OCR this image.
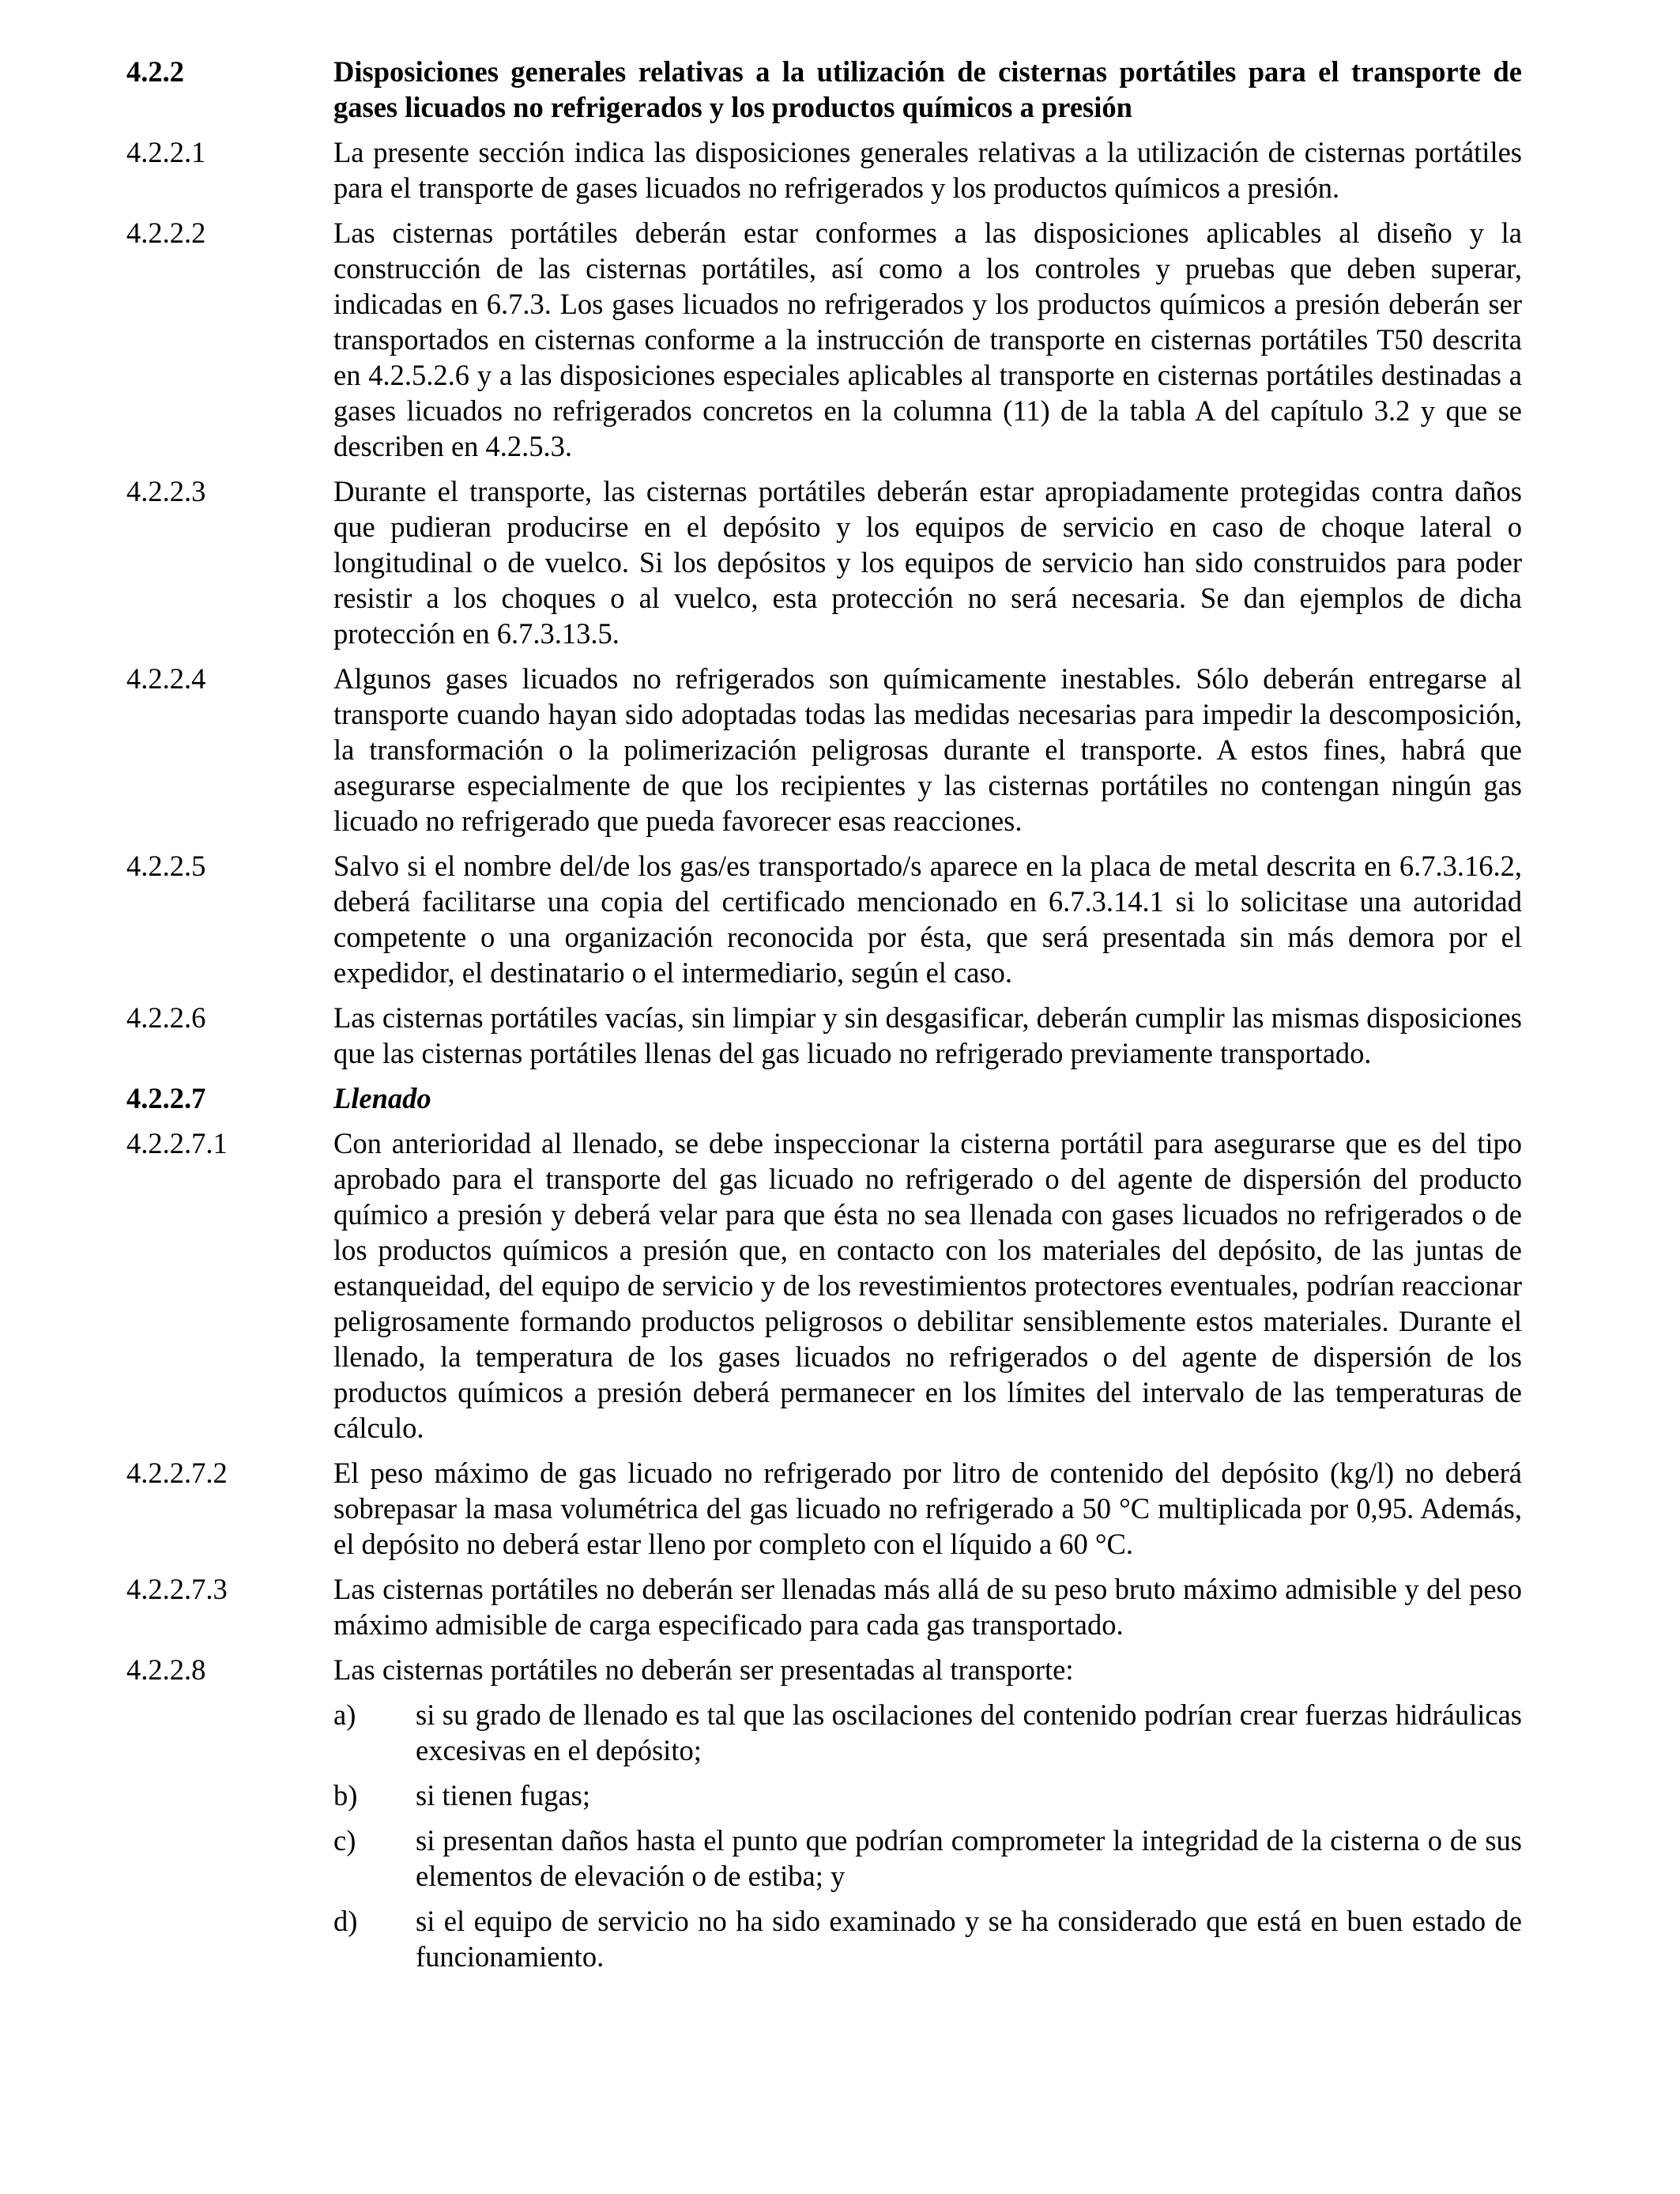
4.2.2	Disposiciones generales relativas a la utilización de cisternas portátiles para el transporte de gases licuados no refrigerados y los productos químicos a presión
4.2.2.1	La presente sección indica las disposiciones generales relativas a la utilización de cisternas portátiles para el transporte de gases licuados no refrigerados y los productos químicos a presión.
4.2.2.2	Las cisternas portátiles deberán estar conformes a las disposiciones aplicables al diseño y la construcción de las cisternas portátiles, así como a los controles y pruebas que deben superar, indicadas en 6.7.3. Los gases licuados no refrigerados y los productos químicos a presión deberán ser transportados en cisternas conforme a la instrucción de transporte en cisternas portátiles T50 descrita en 4.2.5.2.6 y a las disposiciones especiales aplicables al transporte en cisternas portátiles destinadas a gases licuados no refrigerados concretos en la columna (11) de la tabla A del capítulo 3.2 y que se describen en 4.2.5.3.
4.2.2.3	Durante el transporte, las cisternas portátiles deberán estar apropiadamente protegidas contra daños que pudieran producirse en el depósito y los equipos de servicio en caso de choque lateral o longitudinal o de vuelco. Si los depósitos y los equipos de servicio han sido construidos para poder resistir a los choques o al vuelco, esta protección no será necesaria. Se dan ejemplos de dicha protección en 6.7.3.13.5.
4.2.2.4	Algunos gases licuados no refrigerados son químicamente inestables. Sólo deberán entregarse al transporte cuando hayan sido adoptadas todas las medidas necesarias para impedir la descomposición, la transformación o la polimerización peligrosas durante el transporte. A estos fines, habrá que asegurarse especialmente de que los recipientes y las cisternas portátiles no contengan ningún gas licuado no refrigerado que pueda favorecer esas reacciones.
4.2.2.5	Salvo si el nombre del/de los gas/es transportado/s aparece en la placa de metal descrita en 6.7.3.16.2, deberá facilitarse una copia del certificado mencionado en 6.7.3.14.1 si lo solicitase una autoridad competente o una organización reconocida por ésta, que será presentada sin más demora por el expedidor, el destinatario o el intermediario, según el caso.
4.2.2.6	Las cisternas portátiles vacías, sin limpiar y sin desgasificar, deberán cumplir las mismas disposiciones que las cisternas portátiles llenas del gas licuado no refrigerado previamente transportado.
4.2.2.7	Llenado
4.2.2.7.1	Con anterioridad al llenado, se debe inspeccionar la cisterna portátil para asegurarse que es del tipo aprobado para el transporte del gas licuado no refrigerado o del agente de dispersión del producto químico a presión y deberá velar para que ésta no sea llenada con gases licuados no refrigerados o de los productos químicos a presión que, en contacto con los materiales del depósito, de las juntas de estanqueidad, del equipo de servicio y de los revestimientos protectores eventuales, podrían reaccionar peligrosamente formando productos peligrosos o debilitar sensiblemente estos materiales. Durante el llenado, la temperatura de los gases licuados no refrigerados o del agente de dispersión de los productos químicos a presión deberá permanecer en los límites del intervalo de las temperaturas de cálculo.
4.2.2.7.2	El peso máximo de gas licuado no refrigerado por litro de contenido del depósito (kg/l) no deberá sobrepasar la masa volumétrica del gas licuado no refrigerado a 50 °C multiplicada por 0,95. Además, el depósito no deberá estar lleno por completo con el líquido a 60 °C.
4.2.2.7.3	Las cisternas portátiles no deberán ser llenadas más allá de su peso bruto máximo admisible y del peso máximo admisible de carga especificado para cada gas transportado.
4.2.2.8	Las cisternas portátiles no deberán ser presentadas al transporte:
a)	si su grado de llenado es tal que las oscilaciones del contenido podrían crear fuerzas hidráulicas excesivas en el depósito;
b)	si tienen fugas;
c)	si presentan daños hasta el punto que podrían comprometer la integridad de la cisterna o de sus elementos de elevación o de estiba; y
d)	si el equipo de servicio no ha sido examinado y se ha considerado que está en buen estado de funcionamiento.
